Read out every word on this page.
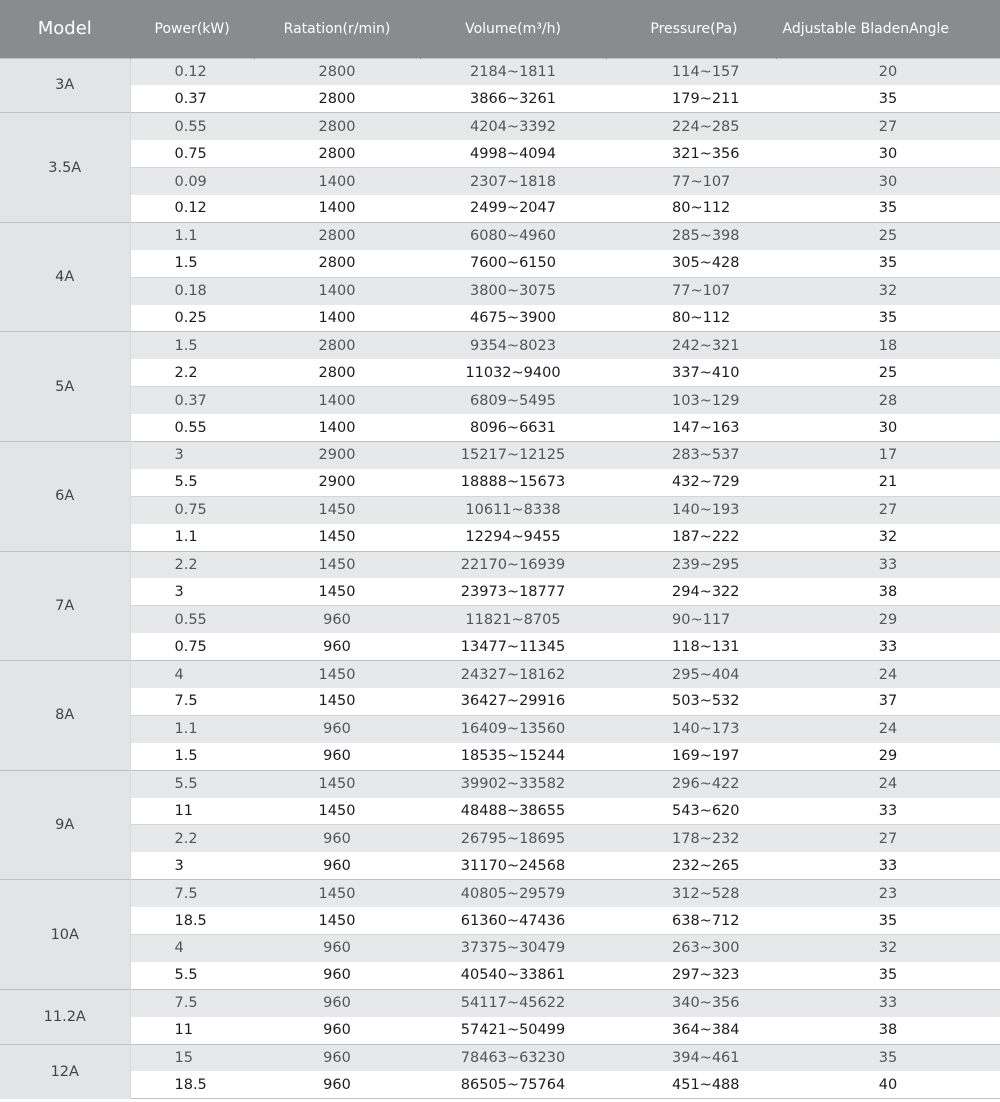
Model	Power(kW)	Ratation(r/min)	Volume(m³/h)	Pressure(Pa)	Adjustable BladenAngle
3A	0.12	2800	2184~1811	114~157	20
	0.37	2800	3866~3261	179~211	35
3.5A	0.55	2800	4204~3392	224~285	27
	0.75	2800	4998~4094	321~356	30
	0.09	1400	2307~1818	77~107	30
	0.12	1400	2499~2047	80~112	35
4A	1.1	2800	6080~4960	285~398	25
	1.5	2800	7600~6150	305~428	35
	0.18	1400	3800~3075	77~107	32
	0.25	1400	4675~3900	80~112	35
5A	1.5	2800	9354~8023	242~321	18
	2.2	2800	11032~9400	337~410	25
	0.37	1400	6809~5495	103~129	28
	0.55	1400	8096~6631	147~163	30
6A	3	2900	15217~12125	283~537	17
	5.5	2900	18888~15673	432~729	21
	0.75	1450	10611~8338	140~193	27
	1.1	1450	12294~9455	187~222	32
7A	2.2	1450	22170~16939	239~295	33
	3	1450	23973~18777	294~322	38
	0.55	960	11821~8705	90~117	29
	0.75	960	13477~11345	118~131	33
8A	4	1450	24327~18162	295~404	24
	7.5	1450	36427~29916	503~532	37
	1.1	960	16409~13560	140~173	24
	1.5	960	18535~15244	169~197	29
9A	5.5	1450	39902~33582	296~422	24
	11	1450	48488~38655	543~620	33
	2.2	960	26795~18695	178~232	27
	3	960	31170~24568	232~265	33
10A	7.5	1450	40805~29579	312~528	23
	18.5	1450	61360~47436	638~712	35
	4	960	37375~30479	263~300	32
	5.5	960	40540~33861	297~323	35
11.2A	7.5	960	54117~45622	340~356	33
	11	960	57421~50499	364~384	38
12A	15	960	78463~63230	394~461	35
	18.5	960	86505~75764	451~488	40
